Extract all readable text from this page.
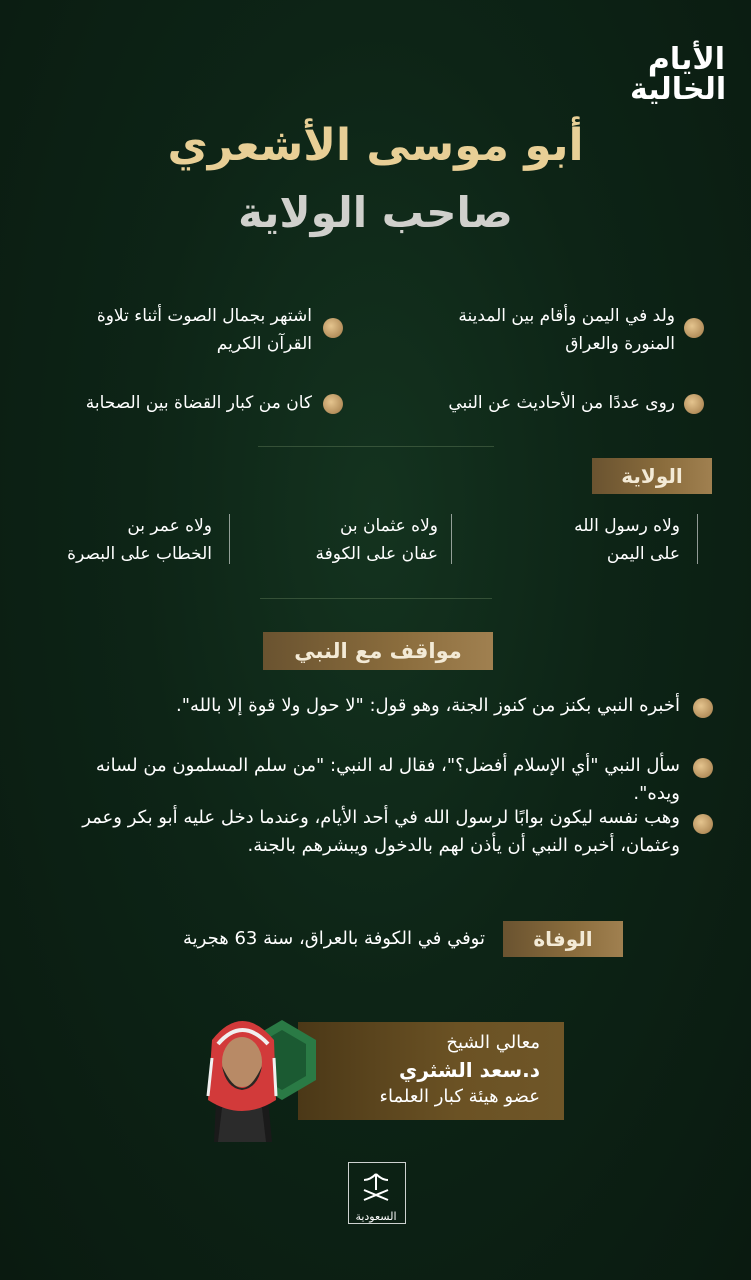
الأيام
الخالية
أبو موسى الأشعري
صاحب الولاية
ولد في اليمن وأقام بين المدينة المنورة والعراق
اشتهر بجمال الصوت أثناء تلاوة القرآن الكريم
روى عددًا من الأحاديث عن النبي
كان من كبار القضاة بين الصحابة
الولاية
ولاه رسول الله
على اليمن
ولاه عثمان بن
عفان على الكوفة
ولاه عمر بن
الخطاب على البصرة
مواقف مع النبي
أخبره النبي بكنز من كنوز الجنة، وهو قول: "لا حول ولا قوة إلا بالله".
سأل النبي "أي الإسلام أفضل؟"، فقال له النبي: "من سلم المسلمون من لسانه ويده".
وهب نفسه ليكون بوابًا لرسول الله في أحد الأيام، وعندما دخل عليه أبو بكر وعمر وعثمان، أخبره النبي أن يأذن لهم بالدخول ويبشرهم بالجنة.
الوفاة
توفي في الكوفة بالعراق، سنة 63 هجرية
معالي الشيخ
د.سعد الشثري
عضو هيئة كبار العلماء
السعودية
